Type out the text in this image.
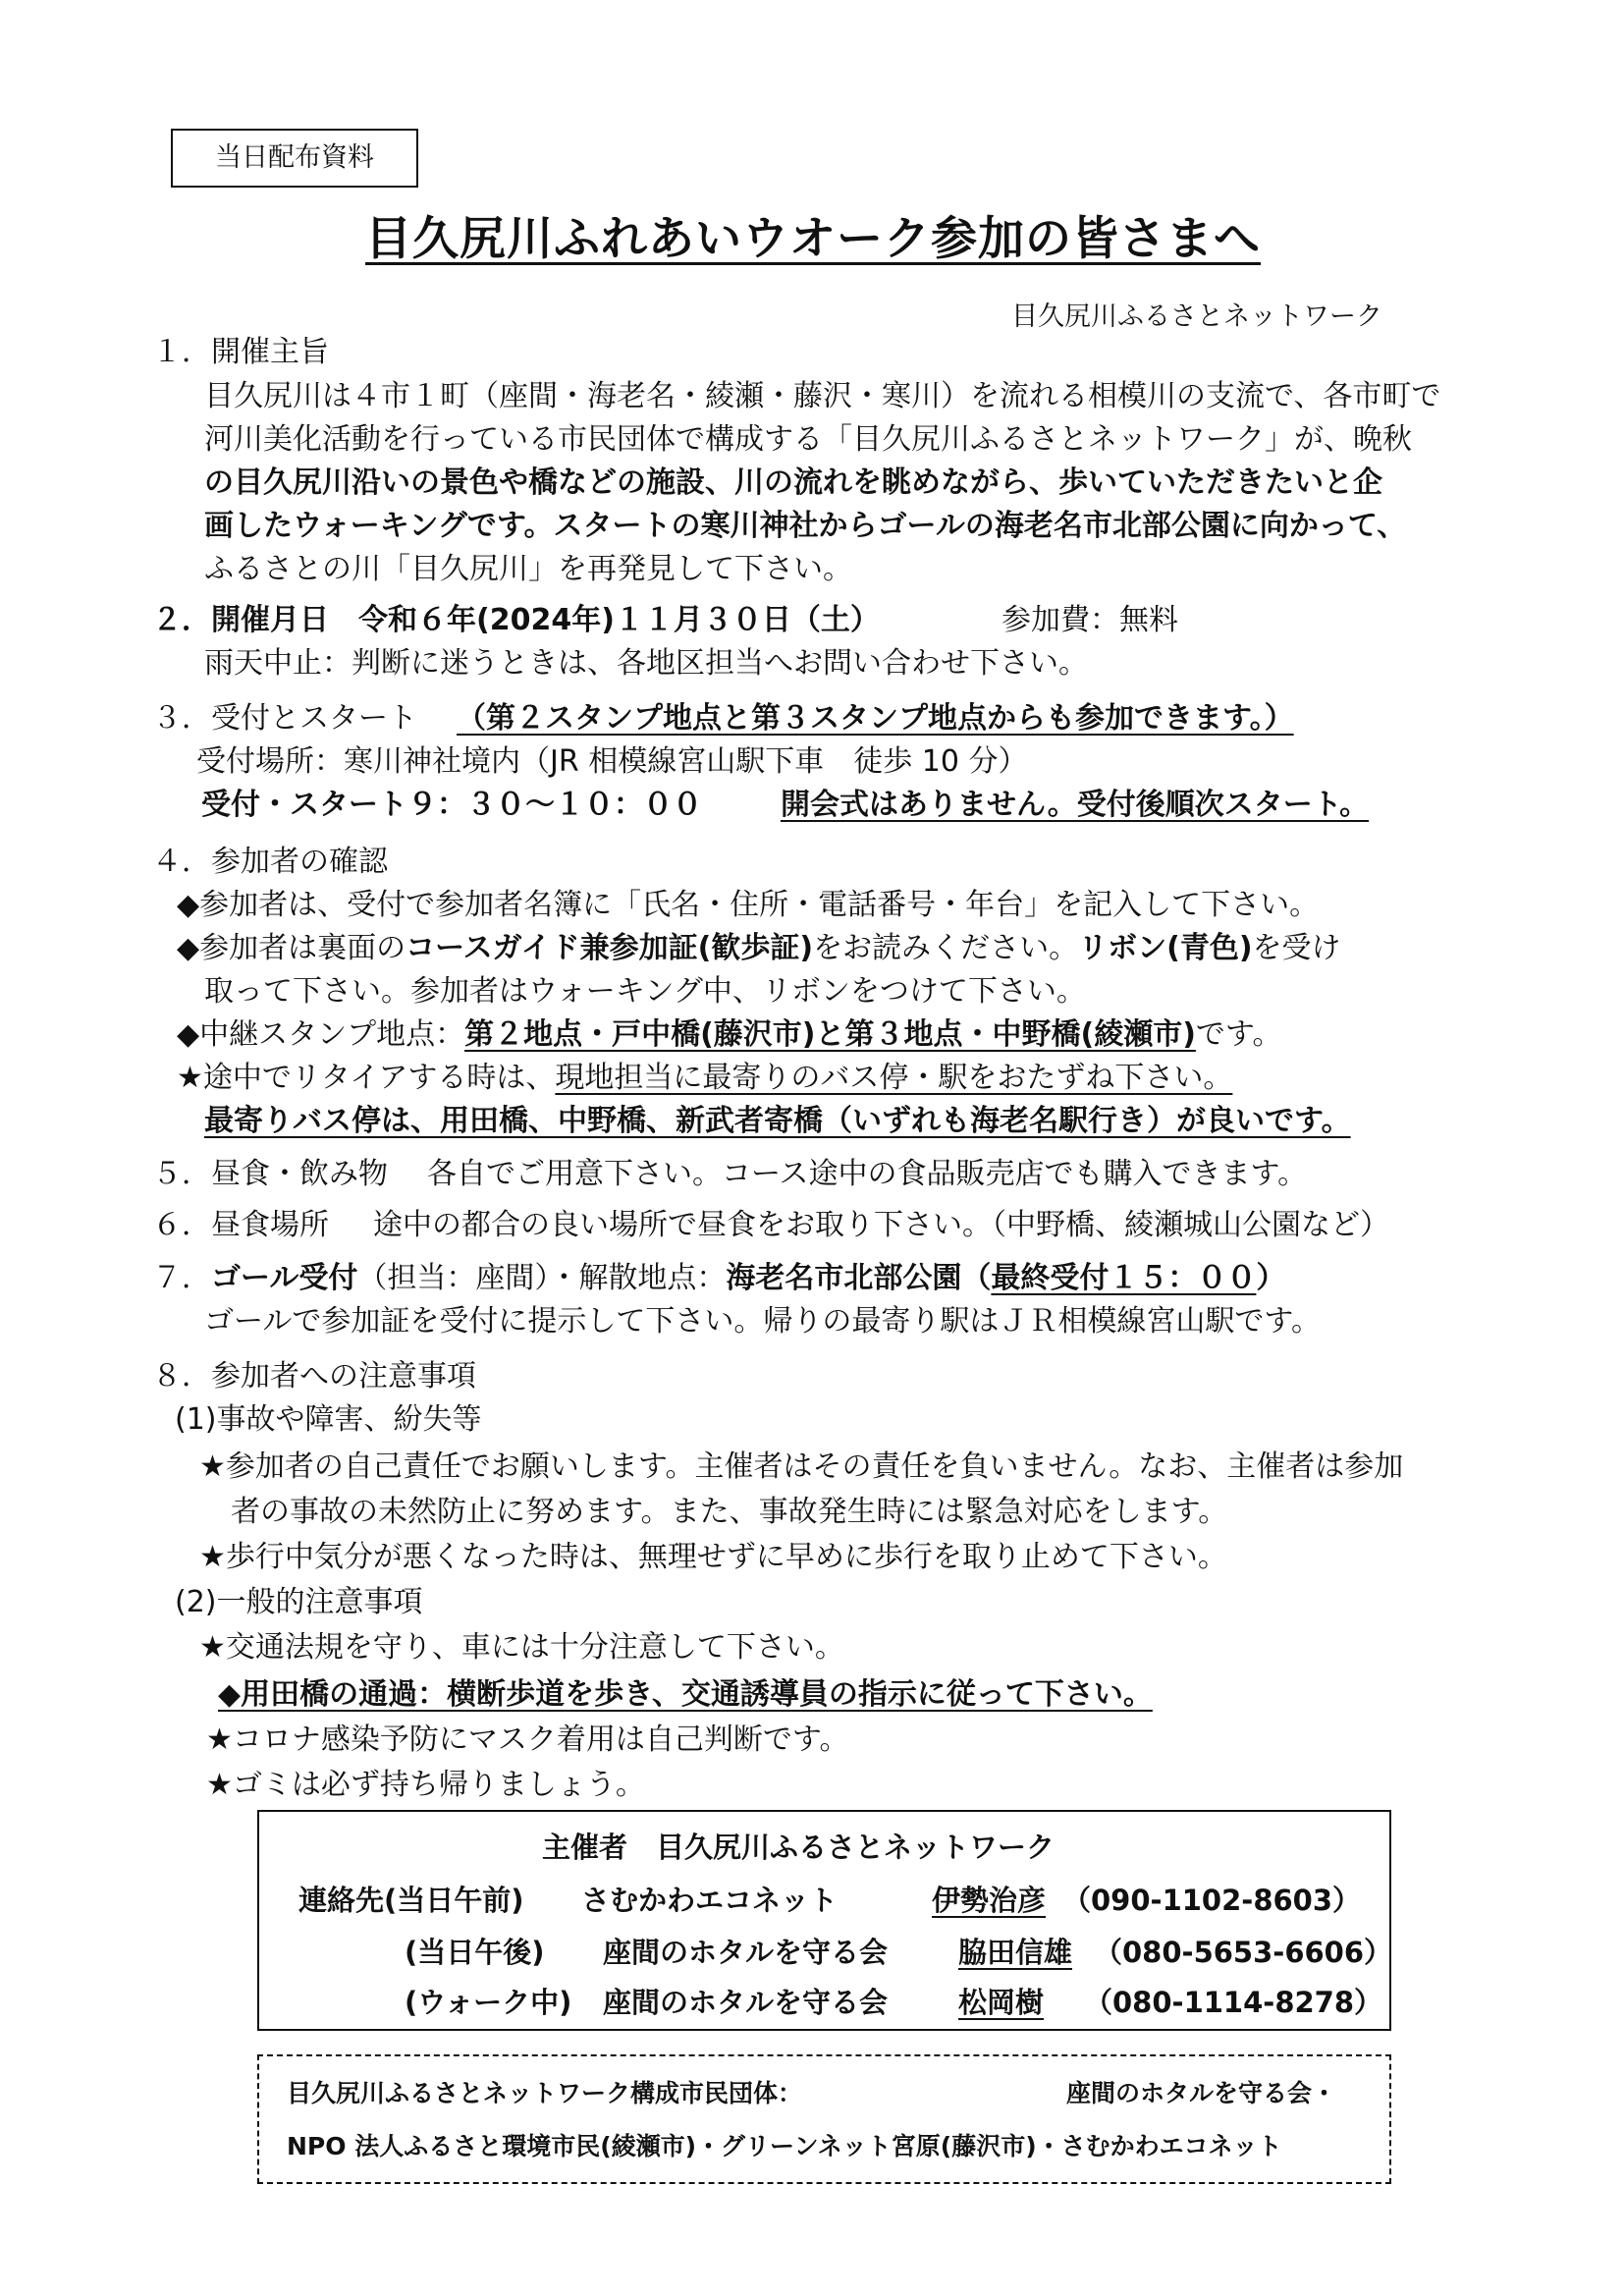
当日配布資料
目久尻川ふれあいウオーク参加の皆さまへ
目久尻川ふるさとネットワーク
１．開催主旨
目久尻川は４市１町（座間・海老名・綾瀬・藤沢・寒川）を流れる相模川の支流で、各市町で
河川美化活動を行っている市民団体で構成する「目久尻川ふるさとネットワーク」が、晩秋
の目久尻川沿いの景色や橋などの施設、川の流れを眺めながら、歩いていただきたいと企
画したウォーキングです。スタートの寒川神社からゴールの海老名市北部公園に向かって、
ふるさとの川「目久尻川」を再発見して下さい。
２．開催月日　令和６年(2024年)１１月３０日（土）	参加費：無料
雨天中止：判断に迷うときは、各地区担当へお問い合わせ下さい。
３．受付とスタート （第２スタンプ地点と第３スタンプ地点からも参加できます。）
受付場所：寒川神社境内（JR 相模線宮山駅下車　徒歩 10 分）
受付・スタート９：３０～１０：００	開会式はありません。受付後順次スタート。
４．参加者の確認
◆参加者は、受付で参加者名簿に「氏名・住所・電話番号・年台」を記入して下さい。
◆参加者は裏面のコースガイド兼参加証(歓歩証)をお読みください。リボン(青色)を受け
取って下さい。参加者はウォーキング中、リボンをつけて下さい。
◆中継スタンプ地点：第２地点・戸中橋(藤沢市)と第３地点・中野橋(綾瀬市)です。
★途中でリタイアする時は、現地担当に最寄りのバス停・駅をおたずね下さい。
最寄りバス停は、用田橋、中野橋、新武者寄橋（いずれも海老名駅行き）が良いです。
５．昼食・飲み物 各自でご用意下さい。コース途中の食品販売店でも購入できます。
６．昼食場所 途中の都合の良い場所で昼食をお取り下さい。（中野橋、綾瀬城山公園など）
７．ゴール受付（担当：座間）・解散地点：海老名市北部公園（最終受付１５：００）
ゴールで参加証を受付に提示して下さい。帰りの最寄り駅はＪＲ相模線宮山駅です。
８．参加者への注意事項
(1)事故や障害、紛失等
★参加者の自己責任でお願いします。主催者はその責任を負いません。なお、主催者は参加
者の事故の未然防止に努めます。また、事故発生時には緊急対応をします。
★歩行中気分が悪くなった時は、無理せずに早めに歩行を取り止めて下さい。
(2)一般的注意事項
★交通法規を守り、車には十分注意して下さい。
◆用田橋の通過：横断歩道を歩き、交通誘導員の指示に従って下さい。
★コロナ感染予防にマスク着用は自己判断です。
★ゴミは必ず持ち帰りましょう。
主催者　目久尻川ふるさとネットワーク
連絡先(当日午前) さむかわエコネット	伊勢治彦 （090-1102-8603）
(当日午後) 座間のホタルを守る会 脇田信雄 （080-5653-6606）
(ウォーク中) 座間のホタルを守る会 松岡樹 （080-1114-8278）
目久尻川ふるさとネットワーク構成市民団体：	座間のホタルを守る会・
NPO 法人ふるさと環境市民(綾瀬市)・グリーンネット宮原(藤沢市)・さむかわエコネット
